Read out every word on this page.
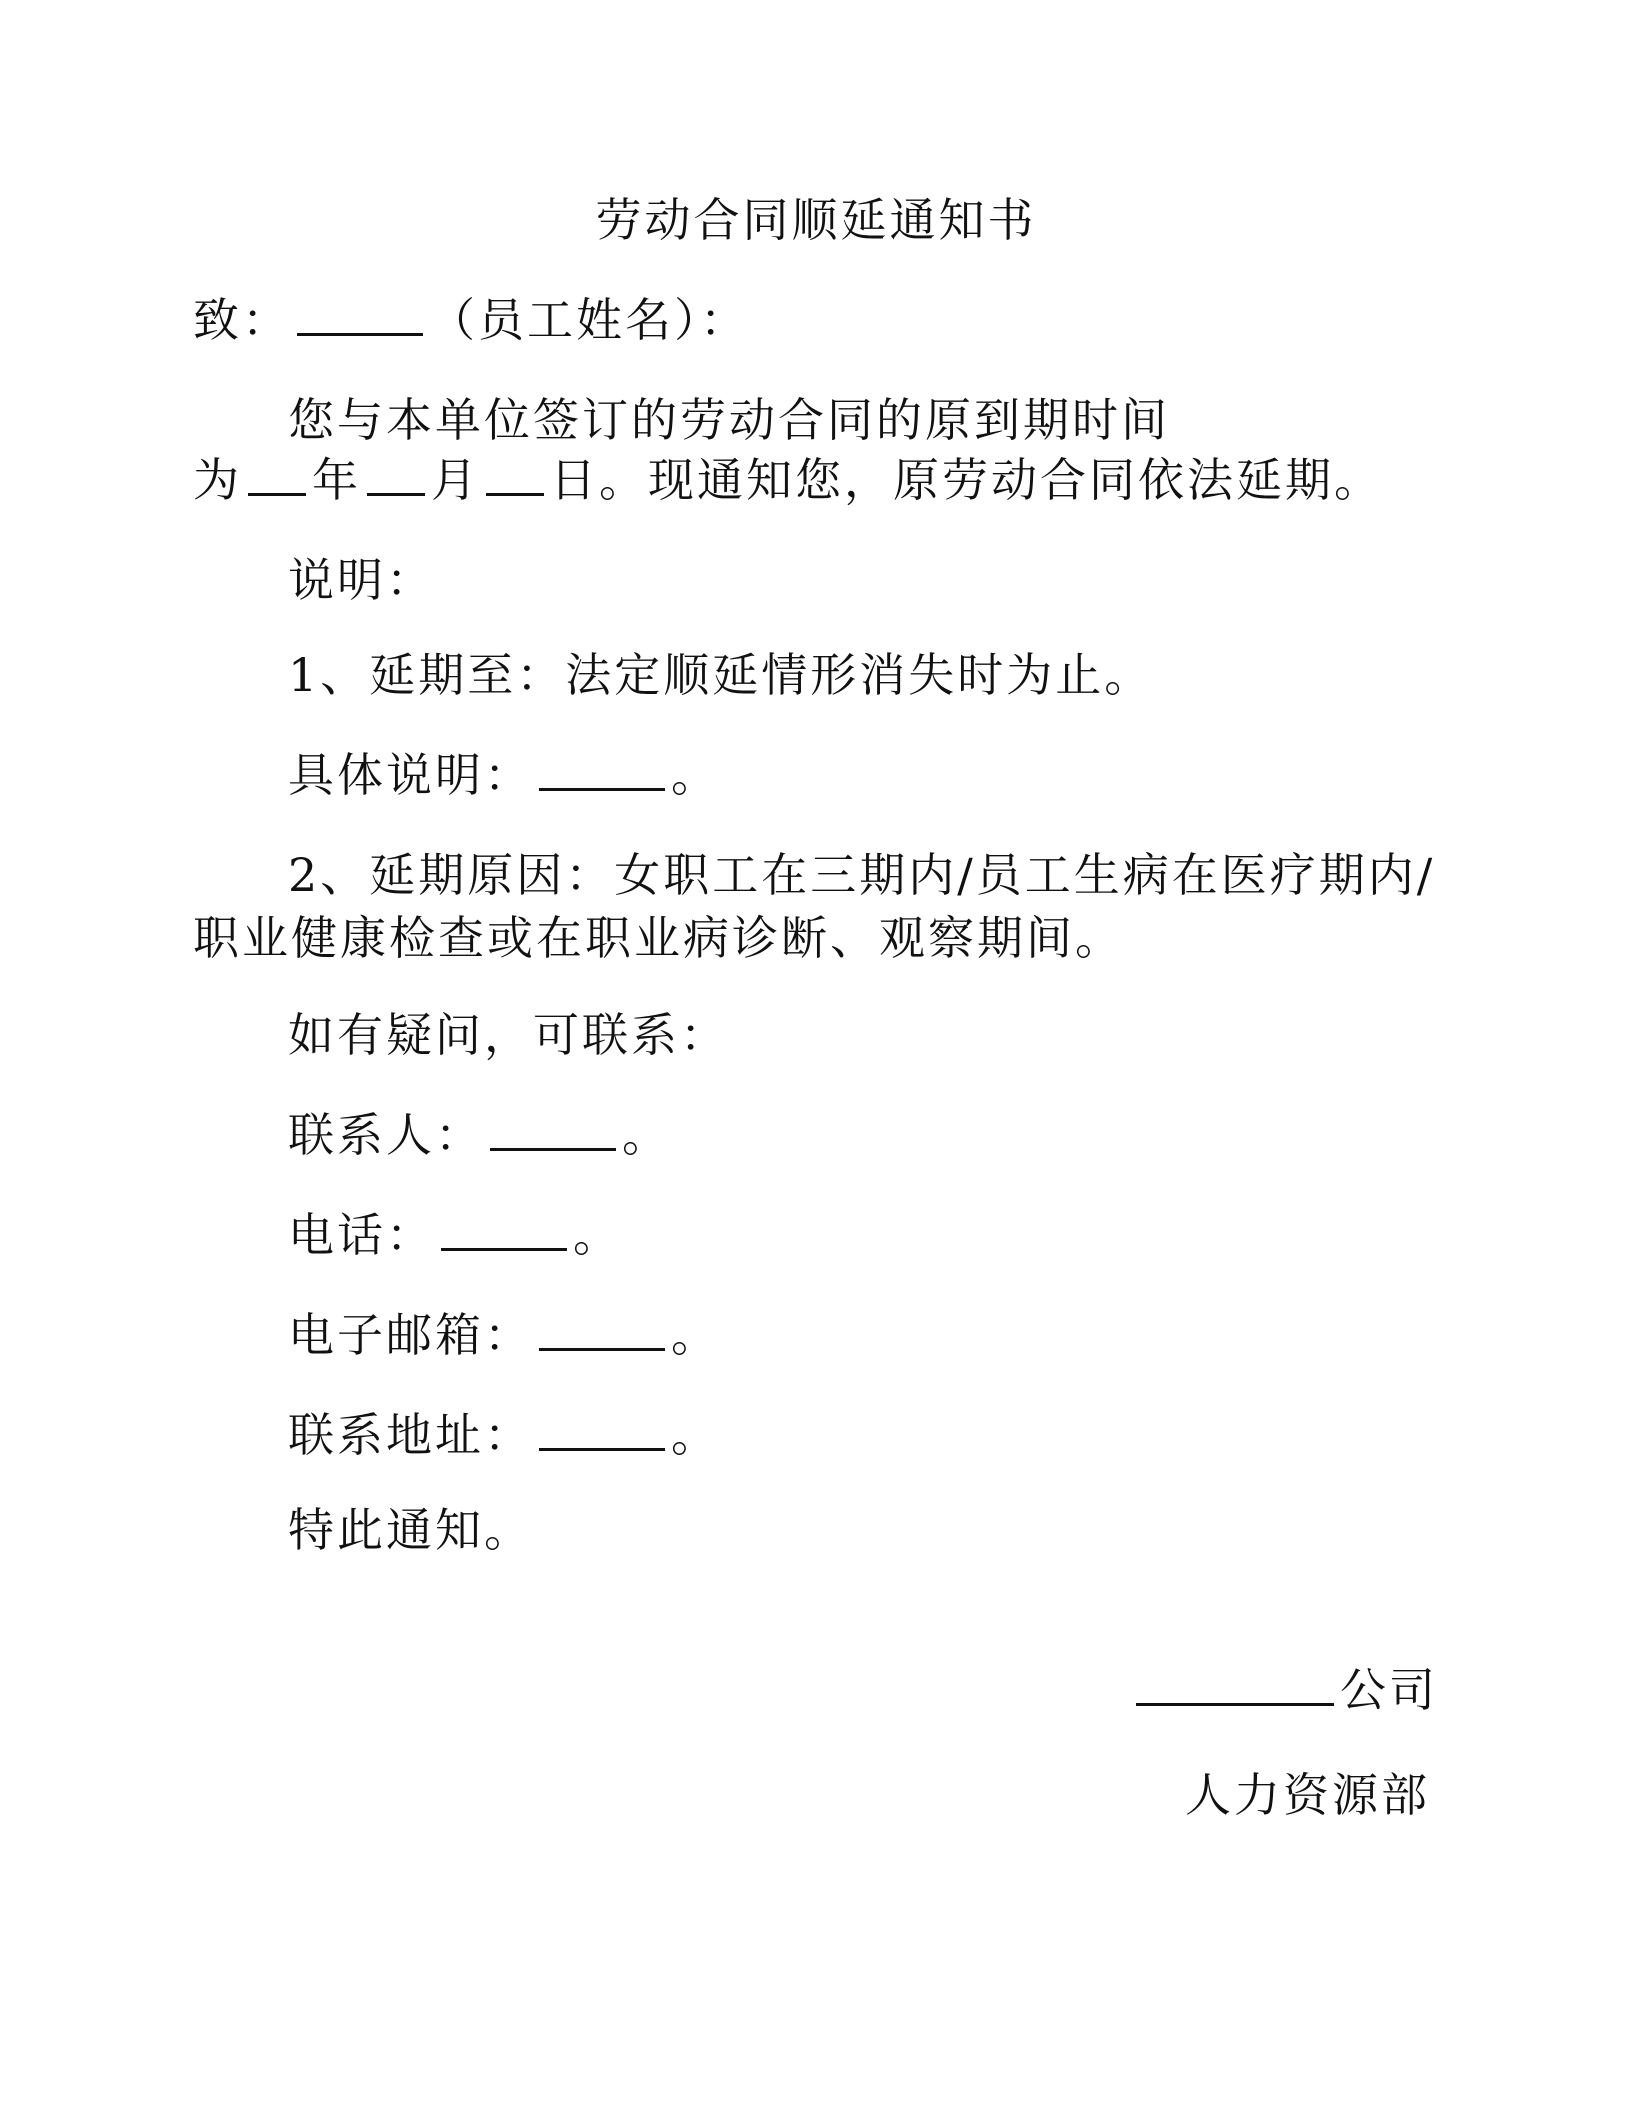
劳动合同顺延通知书
致：	（员工姓名）：
您与本单位签订的劳动合同的原到期时间
为 年 月 日。现通知您，原劳动合同依法延期。
说明：
1、延期至：法定顺延情形消失时为止。
具体说明：	。
2、延期原因：女职工在三期内/员工生病在医疗期内/
职业健康检查或在职业病诊断、观察期间。
如有疑问，可联系：
联系人：	。
电话：	。
电子邮箱：	。
联系地址：	。
特此通知。
公司
人力资源部
